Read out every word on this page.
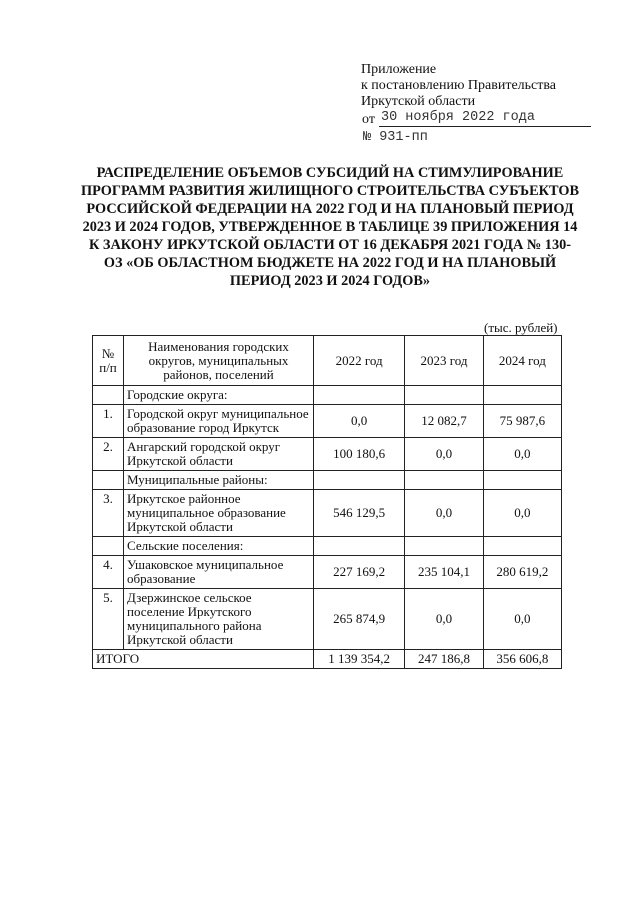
Приложение
к постановлению Правительства
Иркутской области
от 30 ноября 2022 года
№ 931-пп
РАСПРЕДЕЛЕНИЕ ОБЪЕМОВ СУБСИДИЙ НА СТИМУЛИРОВАНИЕ ПРОГРАММ РАЗВИТИЯ ЖИЛИЩНОГО СТРОИТЕЛЬСТВА СУБЪЕКТОВ РОССИЙСКОЙ ФЕДЕРАЦИИ НА 2022 ГОД И НА ПЛАНОВЫЙ ПЕРИОД 2023 И 2024 ГОДОВ, УТВЕРЖДЕННОЕ В ТАБЛИЦЕ 39 ПРИЛОЖЕНИЯ 14 К ЗАКОНУ ИРКУТСКОЙ ОБЛАСТИ ОТ 16 ДЕКАБРЯ 2021 ГОДА № 130-ОЗ «ОБ ОБЛАСТНОМ БЮДЖЕТЕ НА 2022 ГОД И НА ПЛАНОВЫЙ ПЕРИОД 2023 И 2024 ГОДОВ»
(тыс. рублей)
№ п/п	Наименования городских округов, муниципальных районов, поселений	2022 год	2023 год	2024 год
	Городские округа:			
1.	Городской округ муниципальное образование город Иркутск	0,0	12 082,7	75 987,6
2.	Ангарский городской округ Иркутской области	100 180,6	0,0	0,0
	Муниципальные районы:			
3.	Иркутское районное муниципальное образование Иркутской области	546 129,5	0,0	0,0
	Сельские поселения:			
4.	Ушаковское муниципальное образование	227 169,2	235 104,1	280 619,2
5.	Дзержинское сельское поселение Иркутского муниципального района Иркутской области	265 874,9	0,0	0,0
ИТОГО		1 139 354,2	247 186,8	356 606,8
